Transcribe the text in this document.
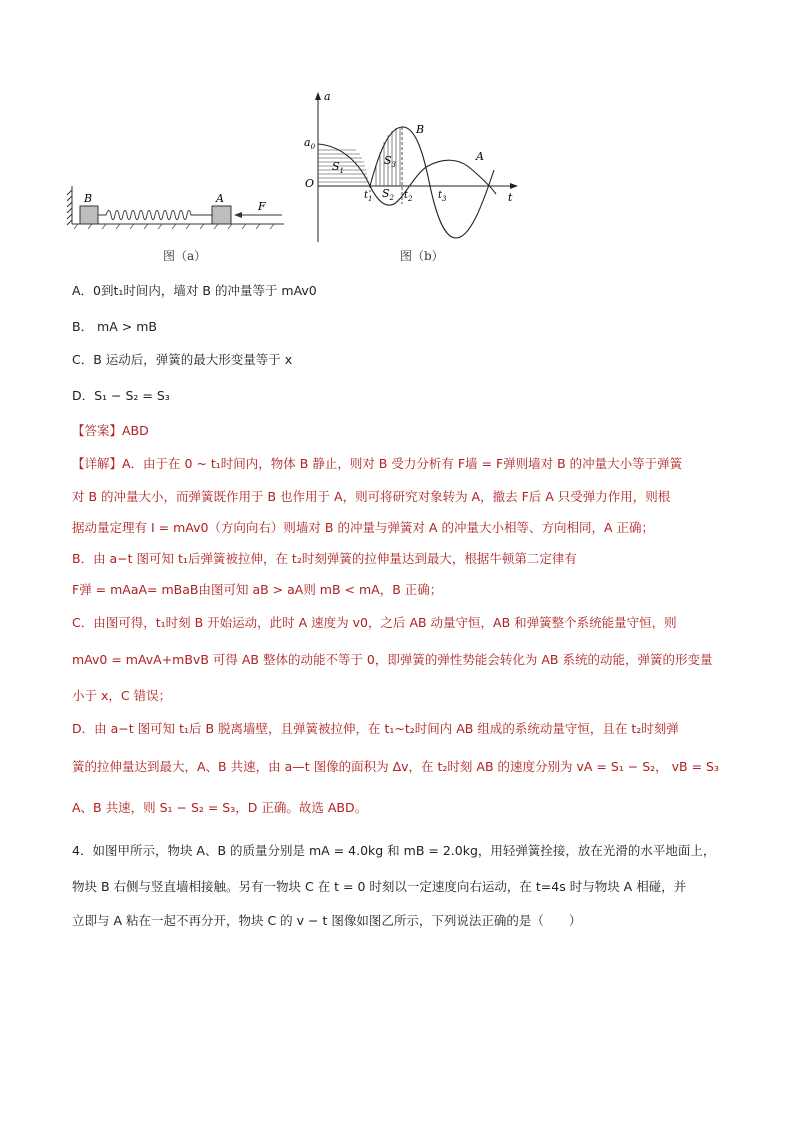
B	A
F
图（a）
a
t
O
$a_0$
B
A
$S_1$
$S_3$
$S_2$
$t_1$	$t_2$	$t_3$
图（b）
A．0到t₁时间内，墙对 B 的冲量等于 mAv0
B． mA > mB
C．B 运动后，弹簧的最大形变量等于 x
D．S₁ − S₂ = S₃
【答案】ABD
【详解】A．由于在 0 ~ t₁时间内，物体 B 静止，则对 B 受力分析有 F墙 = F弹则墙对 B 的冲量大小等于弹簧
对 B 的冲量大小，而弹簧既作用于 B 也作用于 A，则可将研究对象转为 A，撤去 F后 A 只受弹力作用，则根
据动量定理有 I = mAv0（方向向右）则墙对 B 的冲量与弹簧对 A 的冲量大小相等、方向相同，A 正确；
B．由 a−t 图可知 t₁后弹簧被拉伸，在 t₂时刻弹簧的拉伸量达到最大，根据牛顿第二定律有
F弹 = mAaA= mBaB由图可知 aB > aA则 mB < mA，B 正确；
C．由图可得，t₁时刻 B 开始运动，此时 A 速度为 v0，之后 AB 动量守恒，AB 和弹簧整个系统能量守恒，则
mAv0 = mAvA+mBvB 可得 AB 整体的动能不等于 0，即弹簧的弹性势能会转化为 AB 系统的动能，弹簧的形变量
小于 x，C 错误；
D．由 a−t 图可知 t₁后 B 脱离墙壁，且弹簧被拉伸，在 t₁~t₂时间内 AB 组成的系统动量守恒，且在 t₂时刻弹
簧的拉伸量达到最大，A、B 共速，由 a—t 图像的面积为 Δv，在 t₂时刻 AB 的速度分别为 vA = S₁ − S₂， vB = S₃
A、B 共速，则 S₁ − S₂ = S₃，D 正确。故选 ABD。
4．如图甲所示，物块 A、B 的质量分别是 mA = 4.0kg 和 mB = 2.0kg，用轻弹簧拴接，放在光滑的水平地面上，
物块 B 右侧与竖直墙相接触。另有一物块 C 在 t = 0 时刻以一定速度向右运动，在 t=4s 时与物块 A 相碰，并
立即与 A 粘在一起不再分开，物块 C 的 v − t 图像如图乙所示，下列说法正确的是（　　）
